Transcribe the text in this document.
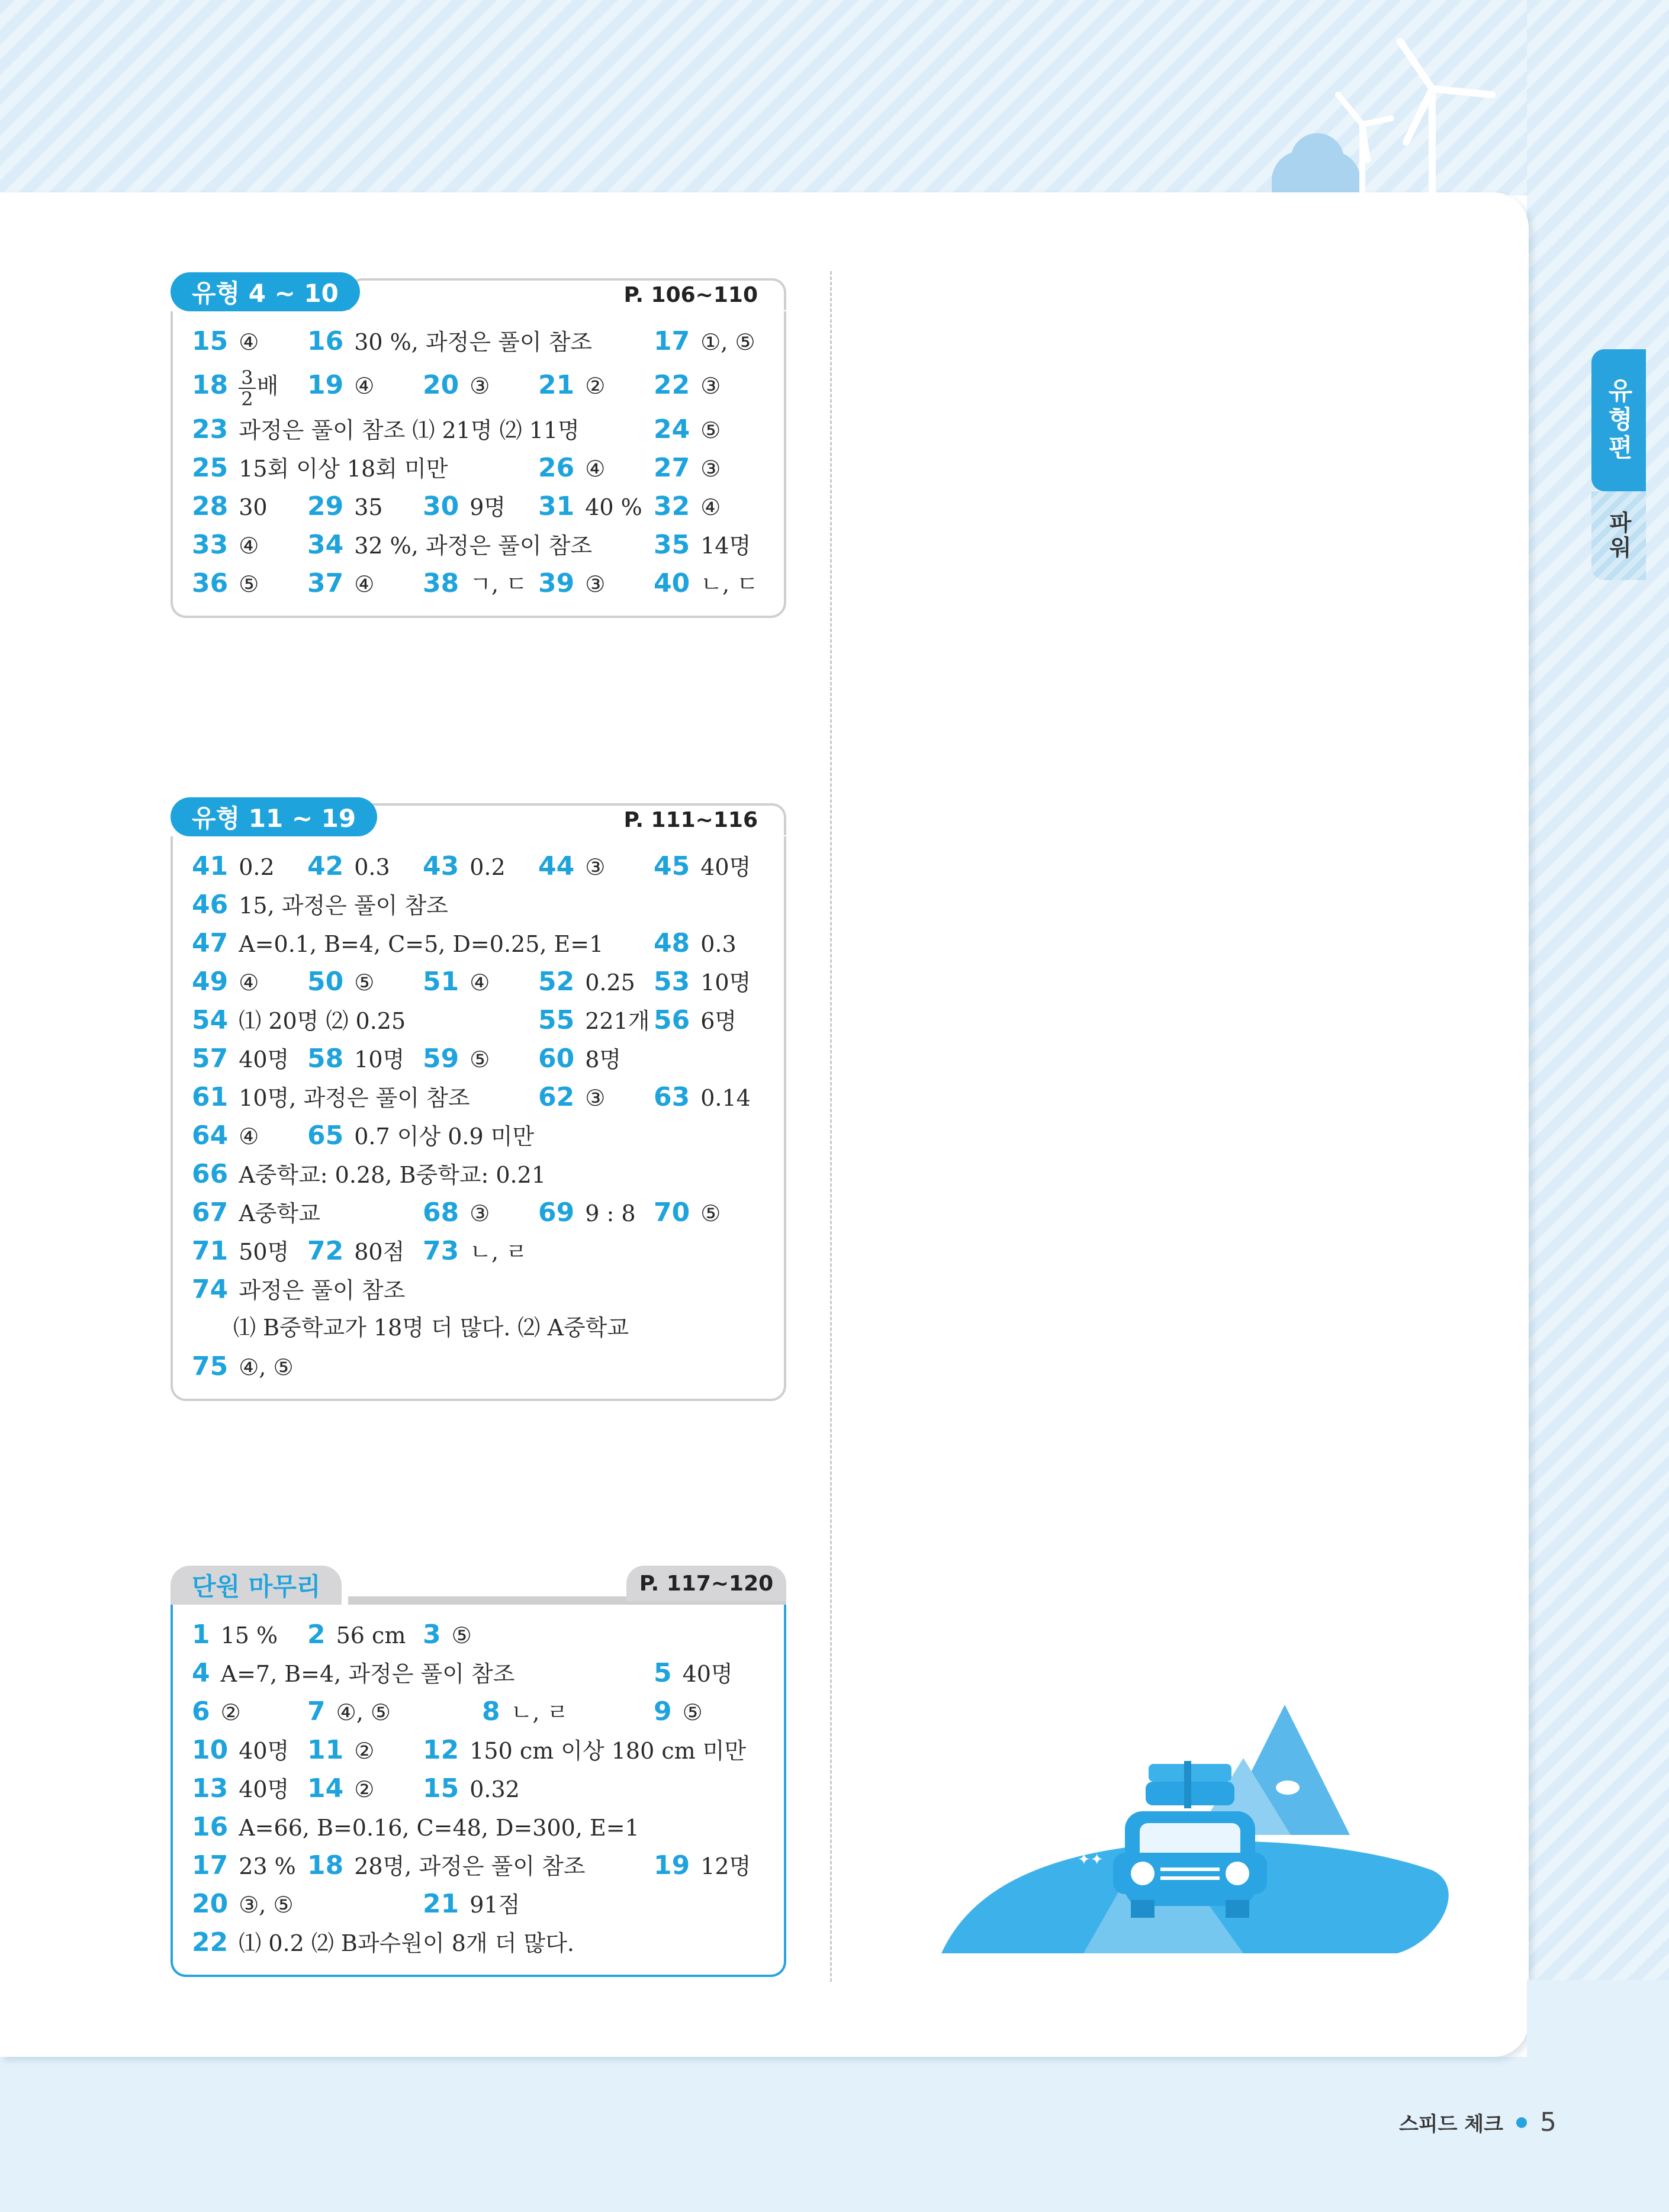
유형편
파워
유형 4 ~ 10	P. 106~110
15 ④ 16 30 %, 과정은 풀이 참조 17 ①, ⑤
$18 \frac{3}{2}$ 배 19 ④ 20 ③ 21 ② 22 ③
23 과정은 풀이 참조 ⑴ 21명 ⑵ 11명	24 ⑤
25 15회 이상 18회 미만	26 ④ 27 ③
28 30 29 35 30 9명 31 40 % 32 ④
33 ④ 34 32 %, 과정은 풀이 참조 35 14명
36 ⑤ 37 ④ 38 ㄱ, ㄷ 39 ③ 40 ㄴ, ㄷ
유형 11 ~ 19	P. 111~116
41 0.2 42 0.3 43 0.2 44 ③ 45 40명
46 15, 과정은 풀이 참조
47 A=0.1, B=4, C=5, D=0.25, E=1 48 0.3
49 ④ 50 ⑤ 51 ④ 52 0.25 53 10명
54 ⑴ 20명 ⑵ 0.25	55 221개 56 6명
57 40명 58 10명 59 ⑤ 60 8명
61 10명, 과정은 풀이 참조	62 ③ 63 0.14
64 ④ 65 0.7 이상 0.9 미만
66 A중학교: 0.28, B중학교: 0.21
67 A중학교	68 ③ 69 9 : 8 70 ⑤
71 50명 72 80점 73 ㄴ, ㄹ
74 과정은 풀이 참조
⑴ B중학교가 18명 더 많다. ⑵ A중학교
75 ④, ⑤
단원 마무리	P. 117~120
1 15 % 2 56 cm 3 ⑤
4 A=7, B=4, 과정은 풀이 참조	5 40명
6 ②	7 ④, ⑤	8 ㄴ, ㄹ	9 ⑤
10 40명 11 ② 12 150 cm 이상 180 cm 미만
13 40명 14 ② 15 0.32
16 A=66, B=0.16, C=48, D=300, E=1
17 23 % 18 28명, 과정은 풀이 참조	19 12명
20 ③, ⑤	21 91점
22 ⑴ 0.2 ⑵ B과수원이 8개 더 많다.
✦✦
스피드 체크 5
